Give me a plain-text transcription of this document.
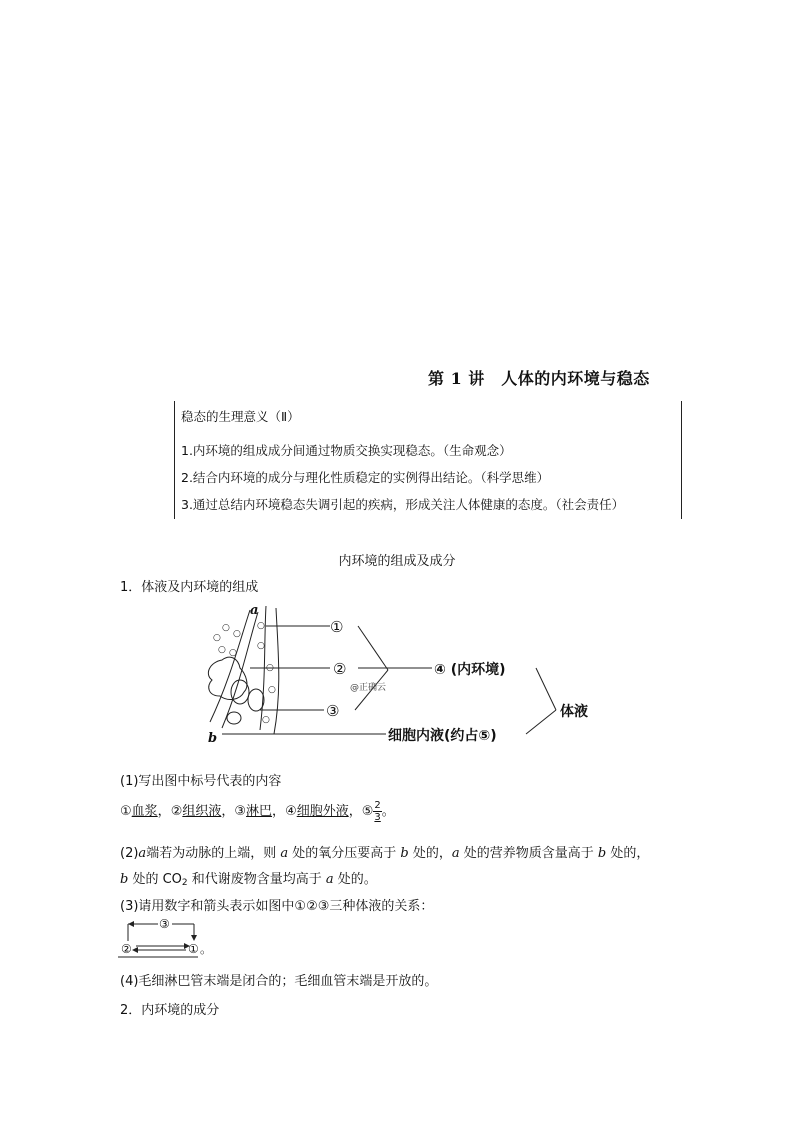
第 1 讲　人体的内环境与稳态
稳态的生理意义（Ⅱ）
1.内环境的组成成分间通过物质交换实现稳态。（生命观念）
2.结合内环境的成分与理化性质稳定的实例得出结论。（科学思维）
3.通过总结内环境稳态失调引起的疾病，形成关注人体健康的态度。（社会责任）
内环境的组成及成分
1．体液及内环境的组成
○
○
○
○ ○
○
○
○
○
○
a
b
①
②
③
④ (内环境)
细胞内液(约占⑤)
体液
@正确云
(1)写出图中标号代表的内容
①血浆，②组织液，③淋巴，④细胞外液，⑤ $\frac{2}{3}$ 。
(2)a端若为动脉的上端，则 a 处的氧分压要高于 b 处的，a 处的营养物质含量高于 b 处的，
b 处的 $CO_2$ 和代谢废物含量均高于 a 处的。
(3)请用数字和箭头表示如图中①②③三种体液的关系：
③
②	① 。
(4)毛细淋巴管末端是闭合的；毛细血管末端是开放的。
2．内环境的成分
